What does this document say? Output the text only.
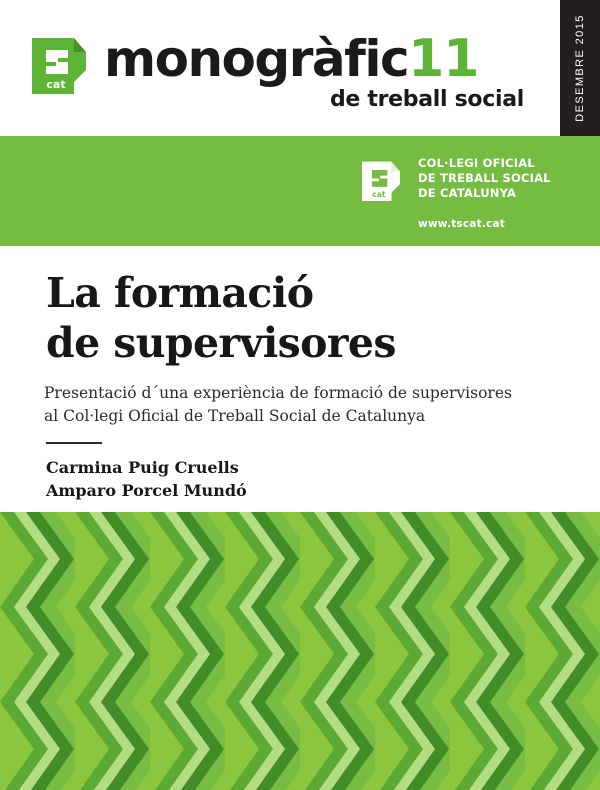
cat monogràfic11
de treball social	DESEMBRE 2015
cat
COL·LEGI OFICIAL
DE TREBALL SOCIAL
DE CATALUNYA
www.tscat.cat
La formació
de supervisores
Presentació d´una experiència de formació de supervisores
al Col·legi Oficial de Treball Social de Catalunya
Carmina Puig Cruells
Amparo Porcel Mundó
